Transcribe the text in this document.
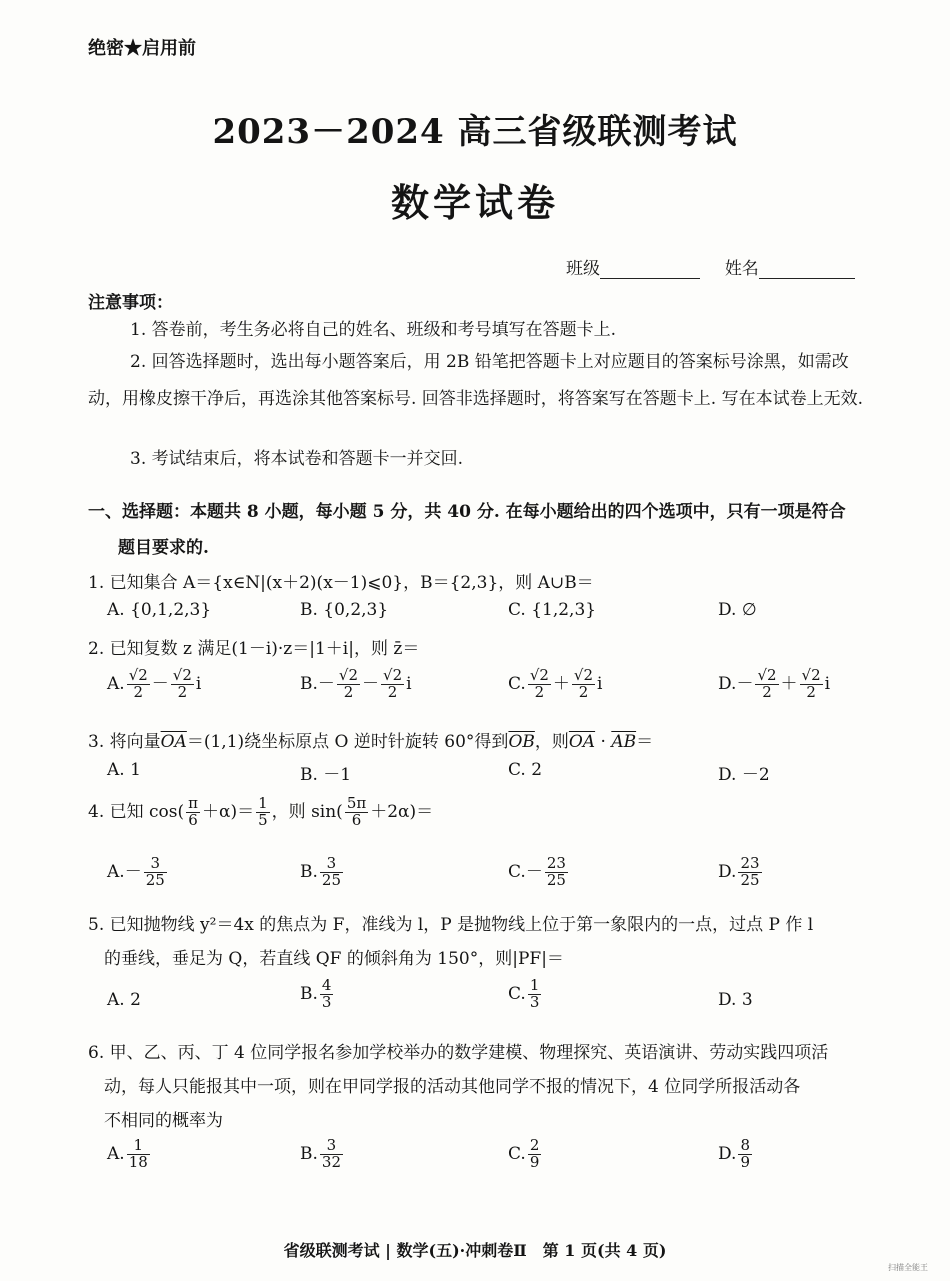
绝密★启用前
2023－2024 高三省级联测考试
数学试卷
班级	姓名
注意事项：
1. 答卷前，考生务必将自己的姓名、班级和考号填写在答题卡上.
2. 回答选择题时，选出每小题答案后，用 2B 铅笔把答题卡上对应题目的答案标号涂黑，如需改动，用橡皮擦干净后，再选涂其他答案标号. 回答非选择题时，将答案写在答题卡上. 写在本试卷上无效.
3. 考试结束后，将本试卷和答题卡一并交回.
一、选择题：本题共 8 小题，每小题 5 分，共 40 分. 在每小题给出的四个选项中，只有一项是符合
题目要求的.
1. 已知集合 A＝{x∈N|(x＋2)(x－1)⩽0}，B＝{2,3}，则 A∪B＝
A. {0,1,2,3}	B. {0,2,3}	C. {1,2,3}	D. ∅
2. 已知复数 z 满足(1－i)·z＝|1＋i|，则 z̄＝
A. $\frac{√2}{2} - \frac{√2}{2}$ i	$B.- \frac{√2}{2} - \frac{√2}{2}$ i	C. $\frac{√2}{2} + \frac{√2}{2}$ i	$D.- \frac{√2}{2} + \frac{√2}{2}$ i
3. 将向量$\overline{OA}=(1,1)$绕坐标原点 O 逆时针旋转 60°得到$\overline{OB}$，则$\overline{OA} \cdot \overline{AB}=$
A. 1	B. －1	C. 2	D. －2
4. 已知 $\cos( \frac{\pi}{6} +\alpha)= \frac{1}{5}$ ，则 $\sin( \frac{5\pi}{6} +2\alpha)=$
$A.- \frac{3}{25}$	B. $\frac{3}{25}$	$C.- \frac{23}{25}$	D. $\frac{23}{25}$
5. 已知抛物线 y²＝4x 的焦点为 F，准线为 l，P 是抛物线上位于第一象限内的一点，过点 P 作 l
的垂线，垂足为 Q，若直线 QF 的倾斜角为 150°，则|PF|＝
A. 2	B. $\frac{4}{3}$	C. $\frac{1}{3}$	D. 3
6. 甲、乙、丙、丁 4 位同学报名参加学校举办的数学建模、物理探究、英语演讲、劳动实践四项活
动，每人只能报其中一项，则在甲同学报的活动其他同学不报的情况下，4 位同学所报活动各
不相同的概率为
A. $\frac{1}{18}$	B. $\frac{3}{32}$	C. $\frac{2}{9}$	D. $\frac{8}{9}$
省级联测考试 | 数学(五)·冲刺卷Ⅱ　第 1 页(共 4 页)
扫描全能王
